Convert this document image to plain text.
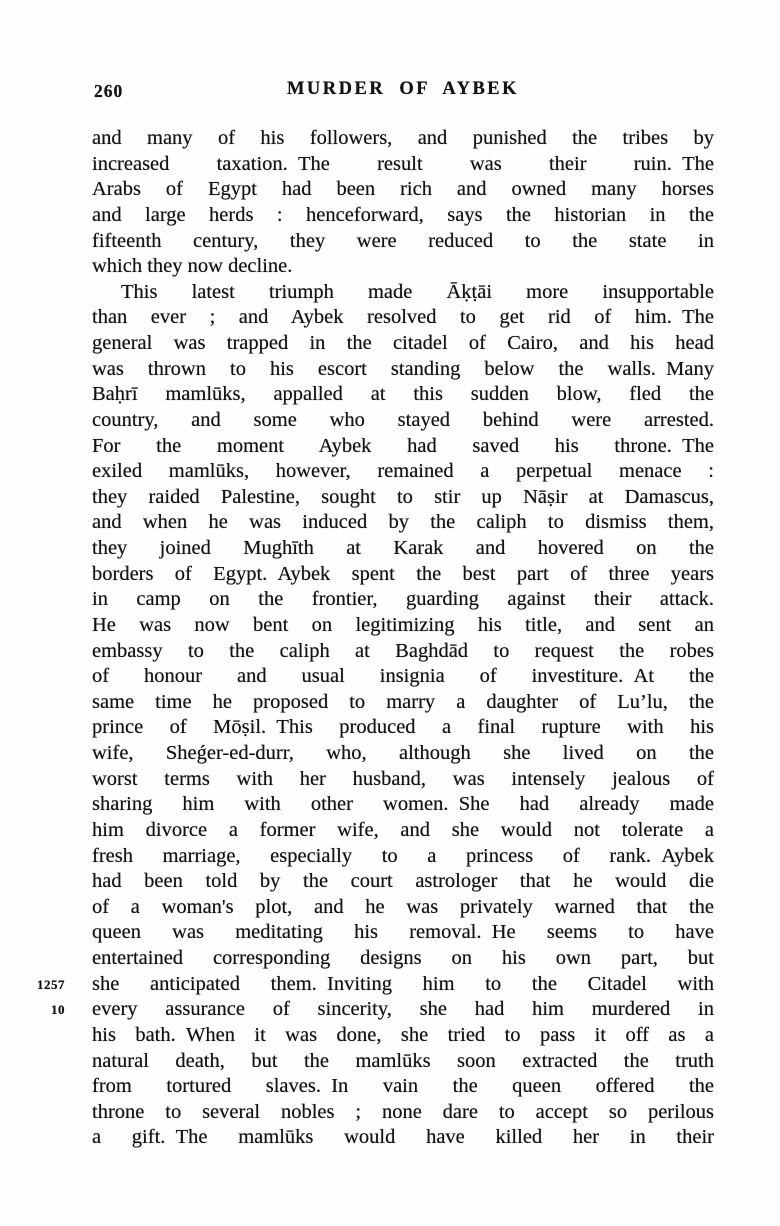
260	MURDER OF AYBEK
and many of his followers, and punished the tribes by
increased taxation. The result was their ruin. The
Arabs of Egypt had been rich and owned many horses
and large herds : henceforward, says the historian in the
fifteenth century, they were reduced to the state in
which they now decline.
This latest triumph made Āḳṭāi more insupportable
than ever ; and Aybek resolved to get rid of him. The
general was trapped in the citadel of Cairo, and his head
was thrown to his escort standing below the walls. Many
Baḥrī mamlūks, appalled at this sudden blow, fled the
country, and some who stayed behind were arrested.
For the moment Aybek had saved his throne. The
exiled mamlūks, however, remained a perpetual menace :
they raided Palestine, sought to stir up Nāṣir at Damascus,
and when he was induced by the caliph to dismiss them,
they joined Mughīth at Karak and hovered on the
borders of Egypt. Aybek spent the best part of three years
in camp on the frontier, guarding against their attack.
He was now bent on legitimizing his title, and sent an
embassy to the caliph at Baghdād to request the robes
of honour and usual insignia of investiture. At the
same time he proposed to marry a daughter of Lu’lu, the
prince of Mōṣil. This produced a final rupture with his
wife, Sheǵer-ed-durr, who, although she lived on the
worst terms with her husband, was intensely jealous of
sharing him with other women. She had already made
him divorce a former wife, and she would not tolerate a
fresh marriage, especially to a princess of rank. Aybek
had been told by the court astrologer that he would die
of a woman's plot, and he was privately warned that the
queen was meditating his removal. He seems to have
entertained corresponding designs on his own part, but
1257 she anticipated them. Inviting him to the Citadel with
10 every assurance of sincerity, she had him murdered in
his bath. When it was done, she tried to pass it off as a
natural death, but the mamlūks soon extracted the truth
from tortured slaves. In vain the queen offered the
throne to several nobles ; none dare to accept so perilous
a gift. The mamlūks would have killed her in their
